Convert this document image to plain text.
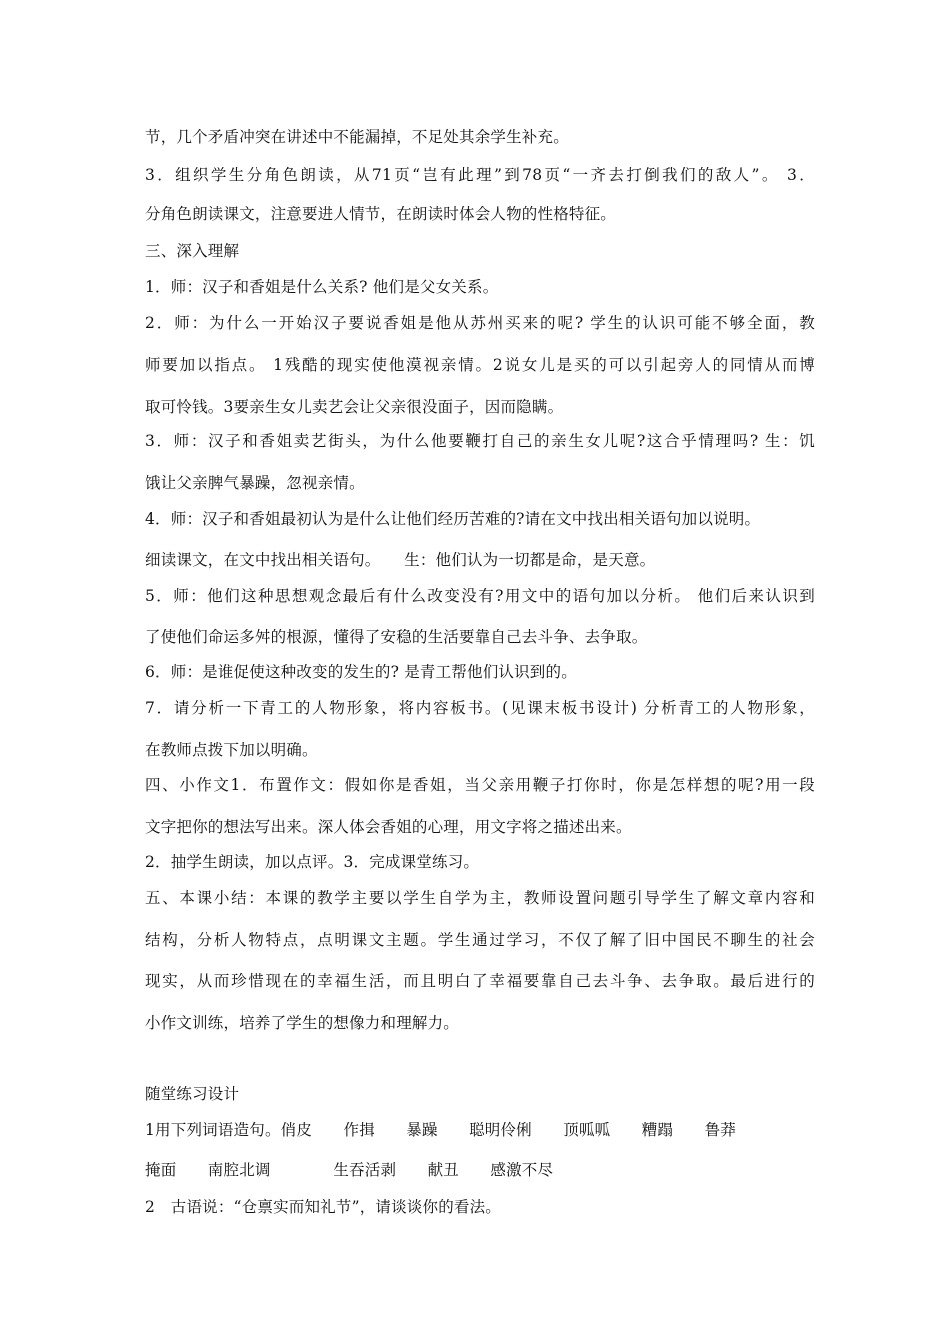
节，几个矛盾冲突在讲述中不能漏掉，不足处其余学生补充。
3．组织学生分角色朗读，从71页“岂有此理”到78页“一齐去打倒我们的敌人”。 3．
分角色朗读课文，注意要进人情节，在朗读时体会人物的性格特征。
三、深入理解
1．师：汉子和香姐是什么关系? 他们是父女关系。
2．师：为什么一开始汉子要说香姐是他从苏州买来的呢? 学生的认识可能不够全面，教
师要加以指点。 1残酷的现实使他漠视亲情。2说女儿是买的可以引起旁人的同情从而博
取可怜钱。3要亲生女儿卖艺会让父亲很没面子，因而隐瞒。
3．师：汉子和香姐卖艺街头，为什么他要鞭打自己的亲生女儿呢?这合乎情理吗? 生：饥
饿让父亲脾气暴躁，忽视亲情。
4．师：汉子和香姐最初认为是什么让他们经历苦难的?请在文中找出相关语句加以说明。
细读课文，在文中找出相关语句。　　生：他们认为一切都是命，是天意。
5．师：他们这种思想观念最后有什么改变没有?用文中的语句加以分析。 他们后来认识到
了使他们命运多舛的根源，懂得了安稳的生活要靠自己去斗争、去争取。
6．师：是谁促使这种改变的发生的? 是青工帮他们认识到的。
7．请分析一下青工的人物形象，将内容板书。(见课末板书设计) 分析青工的人物形象，
在教师点拨下加以明确。
四、小作文1．布置作文：假如你是香姐，当父亲用鞭子打你时，你是怎样想的呢?用一段
文字把你的想法写出来。深人体会香姐的心理，用文字将之描述出来。
2．抽学生朗读，加以点评。3．完成课堂练习。
五、本课小结：本课的教学主要以学生自学为主，教师设置问题引导学生了解文章内容和
结构，分析人物特点，点明课文主题。学生通过学习，不仅了解了旧中国民不聊生的社会
现实，从而珍惜现在的幸福生活，而且明白了幸福要靠自己去斗争、去争取。最后进行的
小作文训练，培养了学生的想像力和理解力。
随堂练习设计
1用下列词语造句。俏皮　　作揖　　暴躁　　聪明伶俐　　顶呱呱　　糟蹋　　鲁莽
掩面　　南腔北调　　　　生吞活剥　　献丑　　感激不尽
2　古语说：“仓禀实而知礼节”，请谈谈你的看法。
